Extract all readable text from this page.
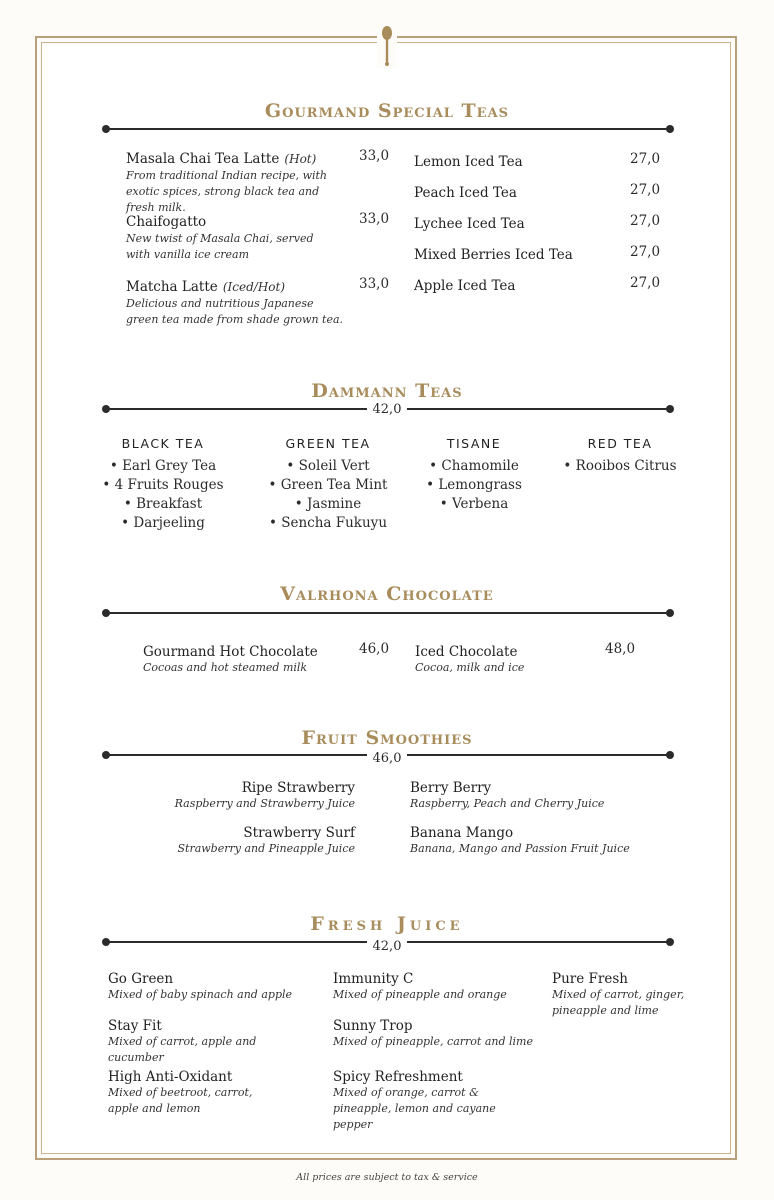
Gourmand Special Teas
Masala Chai Tea Latte (Hot)	33,0
From traditional Indian recipe, with exotic spices, strong black tea and fresh milk.
Chaifogatto	33,0
New twist of Masala Chai, served with vanilla ice cream
Matcha Latte (Iced/Hot)	33,0
Delicious and nutritious Japanese green tea made from shade grown tea.
Lemon Iced Tea	27,0
Peach Iced Tea	27,0
Lychee Iced Tea	27,0
Mixed Berries Iced Tea	27,0
Apple Iced Tea	27,0
Dammann Teas
42,0
BLACK TEA
• Earl Grey Tea
• 4 Fruits Rouges
• Breakfast
• Darjeeling
GREEN TEA
• Soleil Vert
• Green Tea Mint
• Jasmine
• Sencha Fukuyu
TISANE
• Chamomile
• Lemongrass
• Verbena
RED TEA
• Rooibos Citrus
Valrhona Chocolate
Gourmand Hot Chocolate	46,0
Cocoas and hot steamed milk
Iced Chocolate	48,0
Cocoa, milk and ice
Fruit Smoothies
46,0
Ripe Strawberry
Raspberry and Strawberry Juice
Strawberry Surf
Strawberry and Pineapple Juice
Berry Berry
Raspberry, Peach and Cherry Juice
Banana Mango
Banana, Mango and Passion Fruit Juice
Fresh Juice
42,0
Go Green
Mixed of baby spinach and apple
Stay Fit
Mixed of carrot, apple and cucumber
High Anti-Oxidant
Mixed of beetroot, carrot, apple and lemon
Immunity C
Mixed of pineapple and orange
Sunny Trop
Mixed of pineapple, carrot and lime
Spicy Refreshment
Mixed of orange, carrot & pineapple, lemon and cayane pepper
Pure Fresh
Mixed of carrot, ginger, pineapple and lime
All prices are subject to tax & service
